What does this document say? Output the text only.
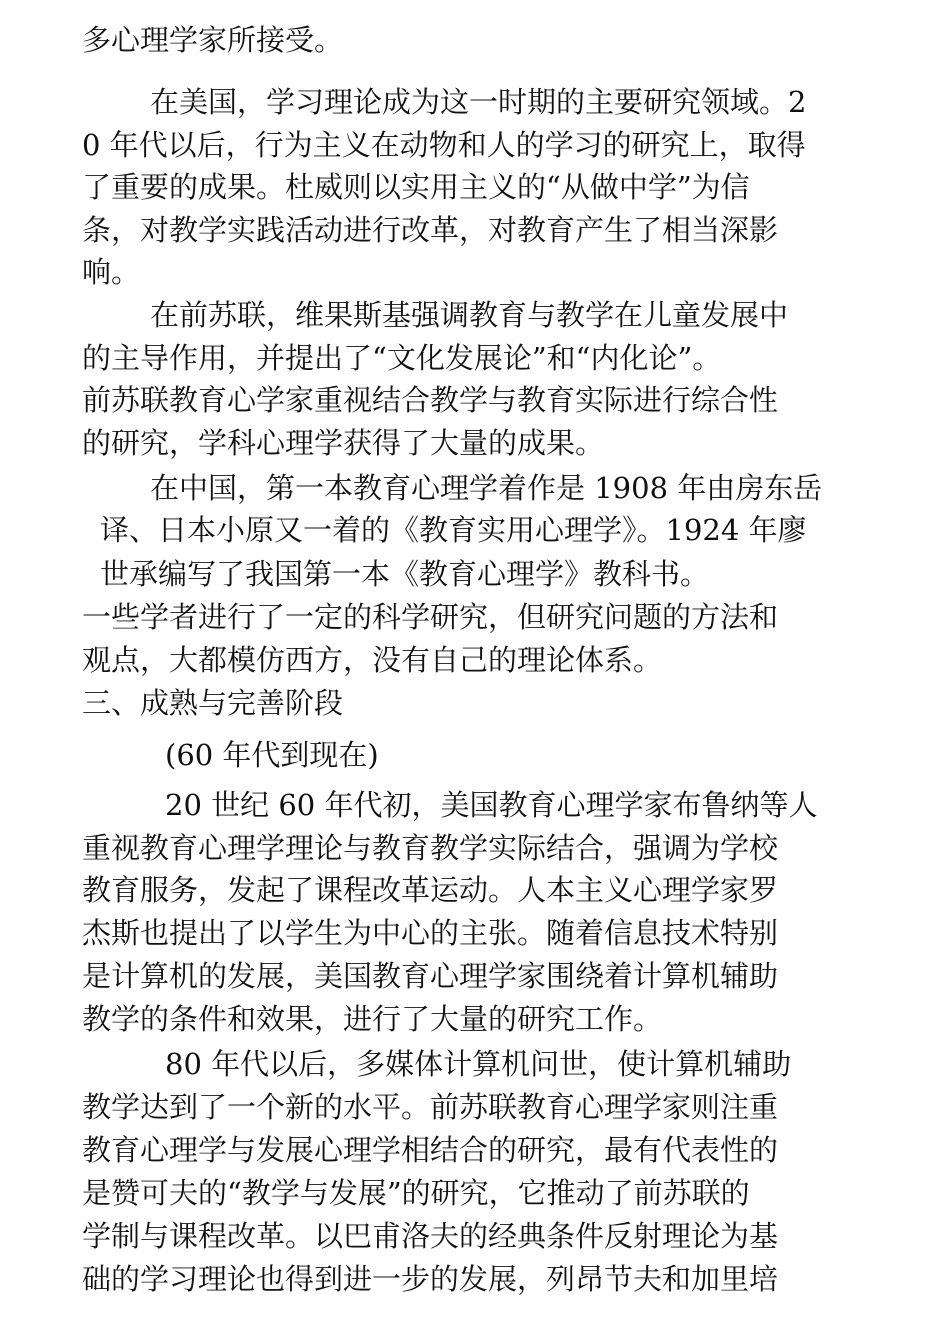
多心理学家所接受。
在美国，学习理论成为这一时期的主要研究领域。2
0 年代以后，行为主义在动物和人的学习的研究上，取得
了重要的成果。杜威则以实用主义的“从做中学”为信
条，对教学实践活动进行改革，对教育产生了相当深影
响。
在前苏联，维果斯基强调教育与教学在儿童发展中
的主导作用，并提出了“文化发展论”和“内化论”。
前苏联教育心学家重视结合教学与教育实际进行综合性
的研究，学科心理学获得了大量的成果。
在中国，第一本教育心理学着作是 1908 年由房东岳
译、日本小原又一着的《教育实用心理学》。1924 年廖
世承编写了我国第一本《教育心理学》教科书。
一些学者进行了一定的科学研究，但研究问题的方法和
观点，大都模仿西方，没有自己的理论体系。
三、成熟与完善阶段
(60 年代到现在)
20 世纪 60 年代初，美国教育心理学家布鲁纳等人
重视教育心理学理论与教育教学实际结合，强调为学校
教育服务，发起了课程改革运动。人本主义心理学家罗
杰斯也提出了以学生为中心的主张。随着信息技术特别
是计算机的发展，美国教育心理学家围绕着计算机辅助
教学的条件和效果，进行了大量的研究工作。
80 年代以后，多媒体计算机问世，使计算机辅助
教学达到了一个新的水平。前苏联教育心理学家则注重
教育心理学与发展心理学相结合的研究，最有代表性的
是赞可夫的“教学与发展”的研究，它推动了前苏联的
学制与课程改革。以巴甫洛夫的经典条件反射理论为基
础的学习理论也得到进一步的发展，列昂节夫和加里培
